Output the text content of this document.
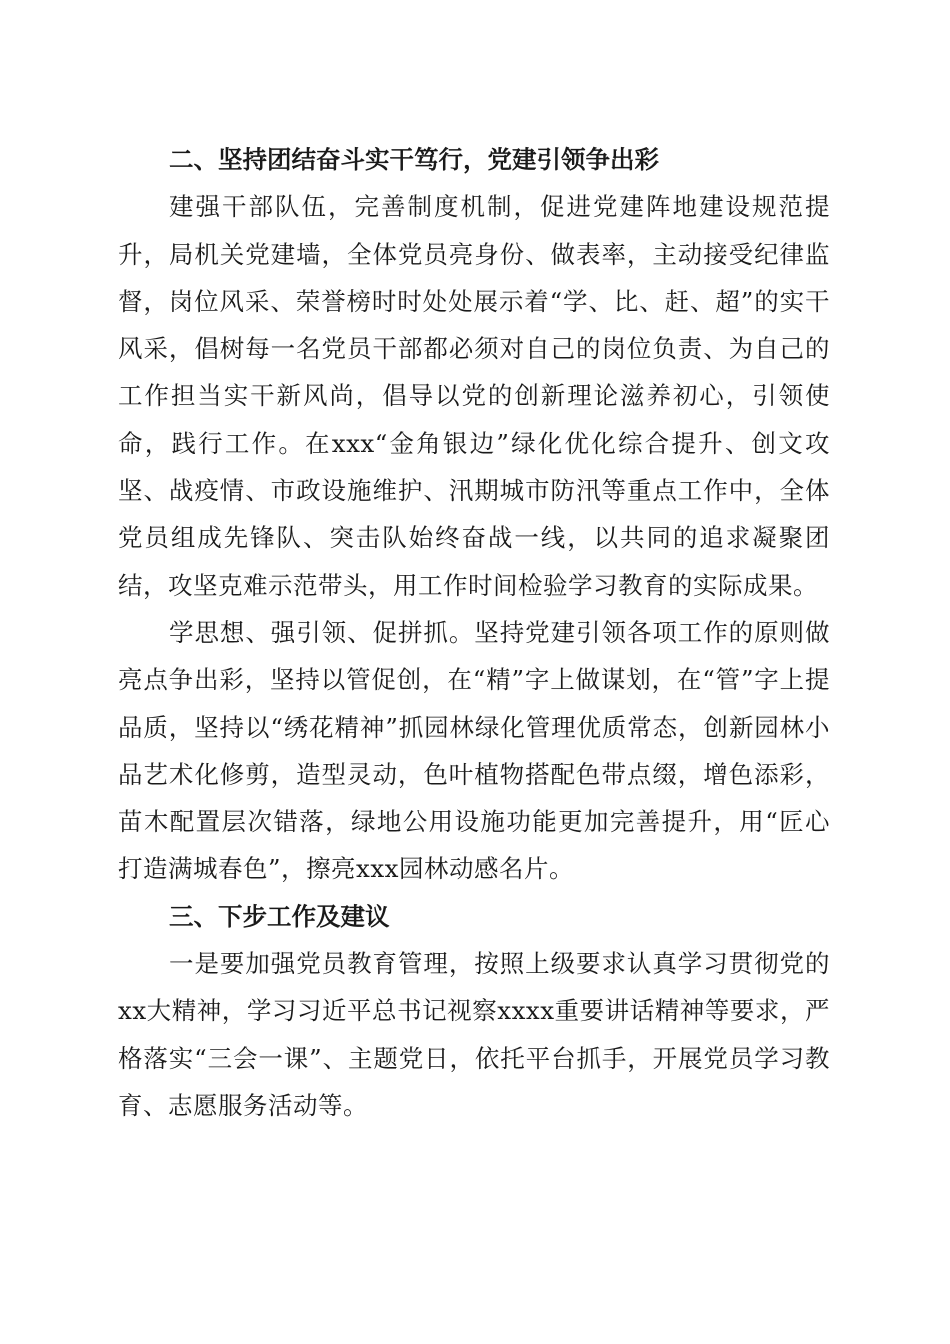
二、坚持团结奋斗实干笃行，党建引领争出彩

建强干部队伍，完善制度机制，促进党建阵地建设规范提升，局机关党建墙，全体党员亮身份、做表率，主动接受纪律监督，岗位风采、荣誉榜时时处处展示着“学、比、赶、超”的实干风采，倡树每一名党员干部都必须对自己的岗位负责、为自己的工作担当实干新风尚，倡导以党的创新理论滋养初心，引领使命，践行工作。在xxx“金角银边”绿化优化综合提升、创文攻坚、战疫情、市政设施维护、汛期城市防汛等重点工作中，全体党员组成先锋队、突击队始终奋战一线，以共同的追求凝聚团结，攻坚克难示范带头，用工作时间检验学习教育的实际成果。

学思想、强引领、促拼抓。坚持党建引领各项工作的原则做亮点争出彩，坚持以管促创，在“精”字上做谋划，在“管”字上提品质，坚持以“绣花精神”抓园林绿化管理优质常态，创新园林小品艺术化修剪，造型灵动，色叶植物搭配色带点缀，增色添彩，苗木配置层次错落，绿地公用设施功能更加完善提升，用“匠心打造满城春色”，擦亮xxx园林动感名片。

三、下步工作及建议

一是要加强党员教育管理，按照上级要求认真学习贯彻党的xx大精神，学习习近平总书记视察xxxx重要讲话精神等要求，严格落实“三会一课”、主题党日，依托平台抓手，开展党员学习教育、志愿服务活动等。
